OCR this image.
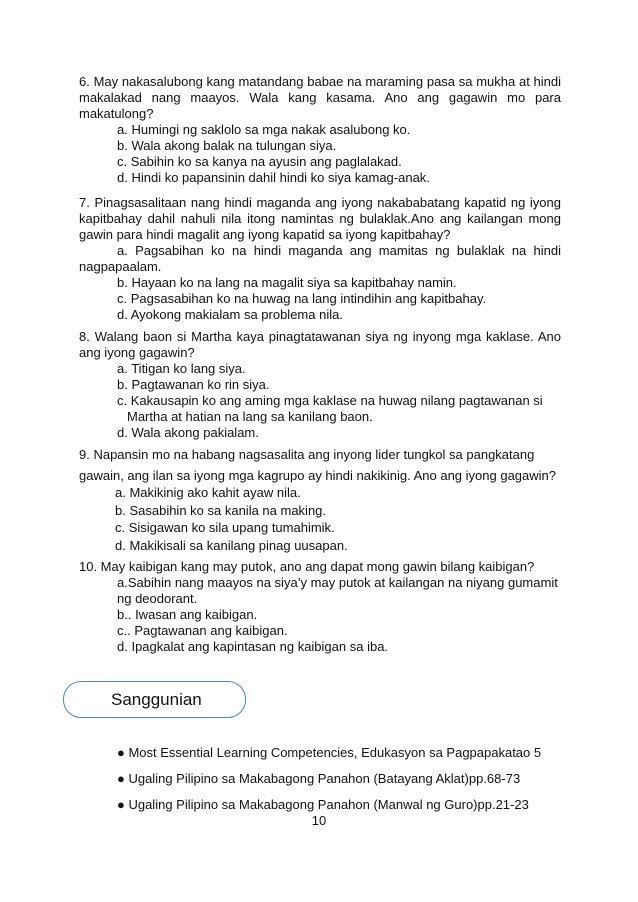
6. May nakasalubong kang matandang babae na maraming pasa sa mukha at hindi makalakad nang maayos. Wala kang kasama. Ano ang gagawin mo para makatulong?
a. Humingi ng saklolo sa mga nakak asalubong ko.
b. Wala akong balak na tulungan siya.
c. Sabihin ko sa kanya na ayusin ang paglalakad.
d. Hindi ko papansinin dahil hindi ko siya kamag-anak.
7. Pinagsasalitaan nang hindi maganda ang iyong nakababatang kapatid ng iyong kapitbahay dahil nahuli nila itong namintas ng bulaklak.Ano ang kailangan mong gawin para hindi magalit ang iyong kapatid sa iyong kapitbahay?
a. Pagsabihan ko na hindi maganda ang mamitas ng bulaklak na hindi nagpapaalam.
b. Hayaan ko na lang na magalit siya sa kapitbahay namin.
c. Pagsasabihan ko na huwag na lang intindihin ang kapitbahay.
d. Ayokong makialam sa problema nila.
8. Walang baon si Martha kaya pinagtatawanan siya ng inyong mga kaklase. Ano ang iyong gagawin?
a. Titigan ko lang siya.
b. Pagtawanan ko rin siya.
c. Kakausapin ko ang aming mga kaklase na huwag nilang pagtawanan si
Martha at hatian na lang sa kanilang baon.
d. Wala akong pakialam.
9. Napansin mo na habang nagsasalita ang inyong lider tungkol sa pangkatang
gawain, ang ilan sa iyong mga kagrupo ay hindi nakikinig. Ano ang iyong gagawin?
a. Makikinig ako kahit ayaw nila.
b. Sasabihin ko sa kanila na making.
c. Sisigawan ko sila upang tumahimik.
d. Makikisali sa kanilang pinag uusapan.
10. May kaibigan kang may putok, ano ang dapat mong gawin bilang kaibigan?
a.Sabihin nang maayos na siya’y may putok at kailangan na niyang gumamit
ng deodorant.
b.. Iwasan ang kaibigan.
c.. Pagtawanan ang kaibigan.
d. Ipagkalat ang kapintasan ng kaibigan sa iba.
Sanggunian
● Most Essential Learning Competencies, Edukasyon sa Pagpapakatao 5
● Ugaling Pilipino sa Makabagong Panahon (Batayang Aklat)pp.68-73
● Ugaling Pilipino sa Makabagong Panahon (Manwal ng Guro)pp.21-23
10
